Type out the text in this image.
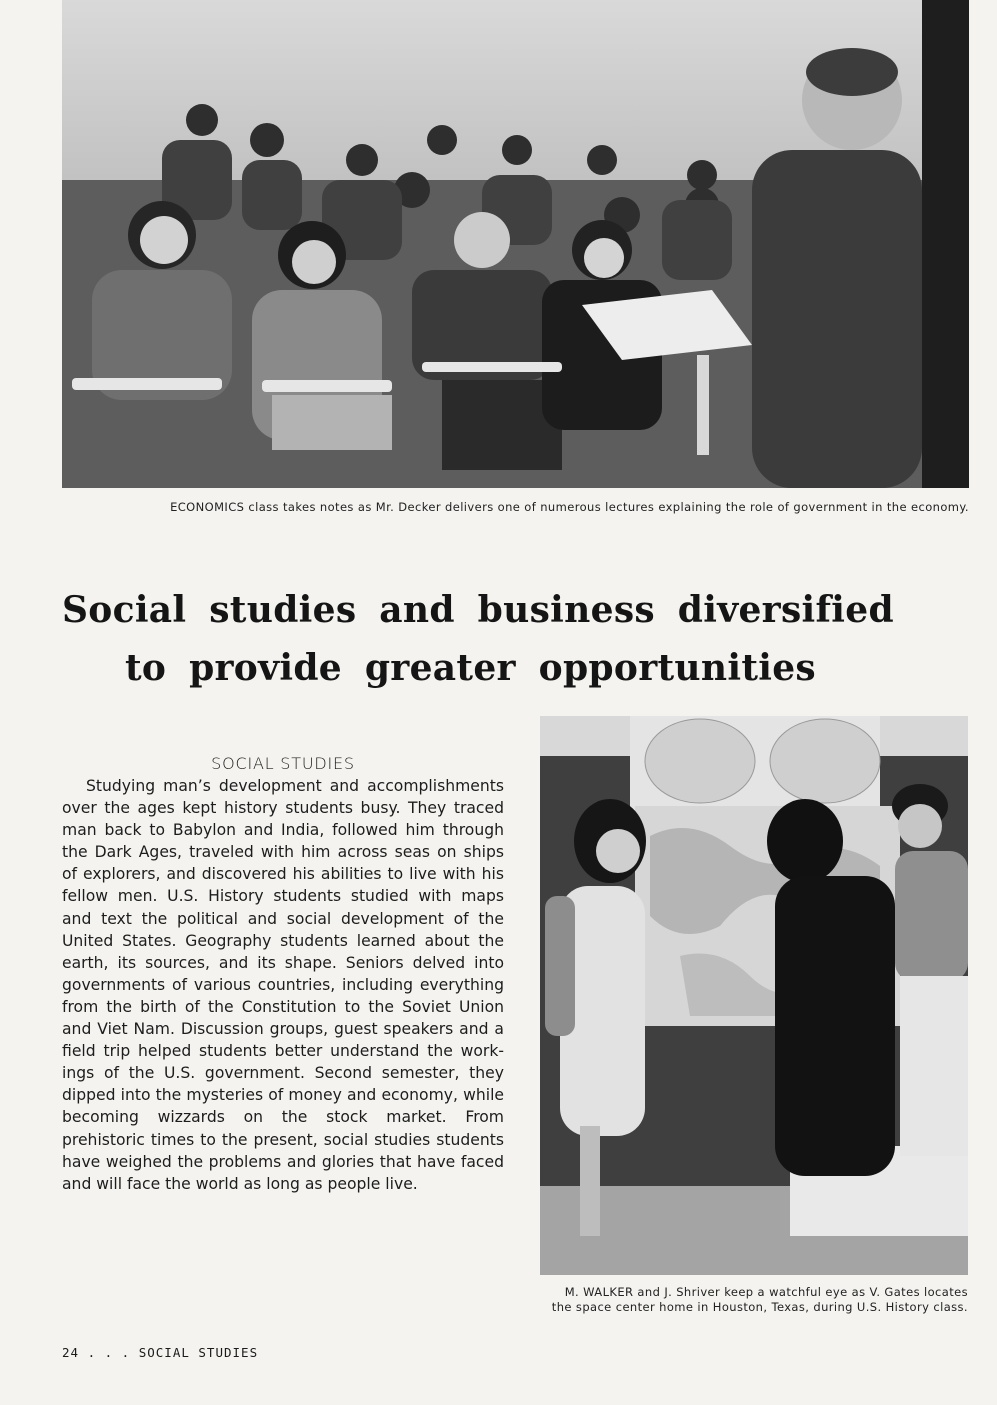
ECONOMICS class takes notes as Mr. Decker delivers one of numerous lectures explaining the role of government in the economy.
Social studies and business diversified
to provide greater opportunities
SOCIAL STUDIES

Studying man’s development and accomplishments over the ages kept history students busy. They traced man back to Babylon and India, followed him through the Dark Ages, traveled with him across seas on ships of explorers, and discovered his abilities to live with his fellow men. U.S. History students studied with maps and text the political and social development of the United States. Geography students learned about the earth, its sources, and its shape. Seniors delved into governments of various countries, including everything from the birth of the Constitution to the Soviet Union and Viet Nam. Discussion groups, guest speakers and a field trip helped students better understand the workings of the U.S. government. Second semester, they dipped into the mysteries of money and economy, while becoming wizzards on the stock market. From prehistoric times to the present, social studies students have weighed the problems and glories that have faced and will face the world as long as people live.

M. WALKER and J. Shriver keep a watchful eye as V. Gates locates
the space center home in Houston, Texas, during U.S. History class.
24 . . . SOCIAL STUDIES
